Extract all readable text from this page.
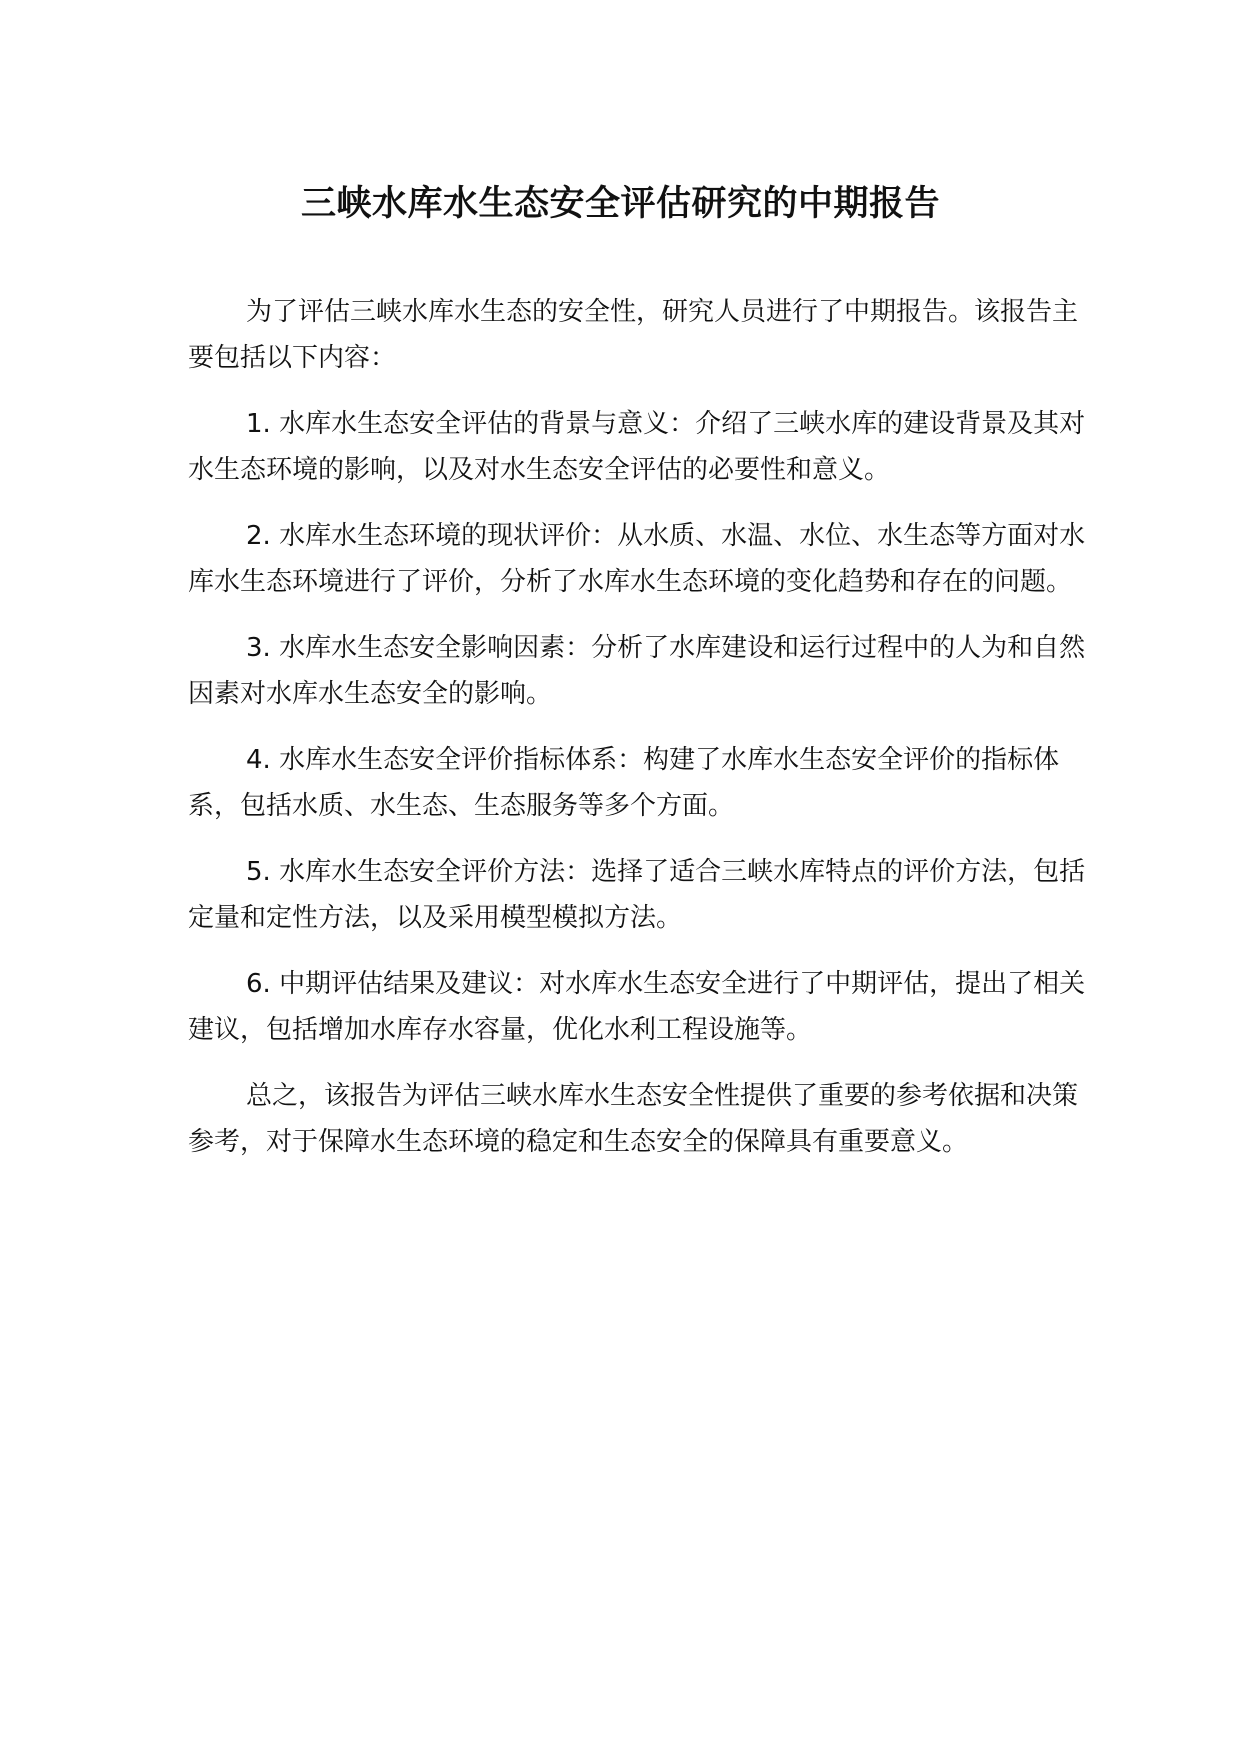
三峡水库水生态安全评估研究的中期报告

为了评估三峡水库水生态的安全性，研究人员进行了中期报告。该报告主要包括以下内容：

1. 水库水生态安全评估的背景与意义：介绍了三峡水库的建设背景及其对水生态环境的影响，以及对水生态安全评估的必要性和意义。

2. 水库水生态环境的现状评价：从水质、水温、水位、水生态等方面对水库水生态环境进行了评价，分析了水库水生态环境的变化趋势和存在的问题。

3. 水库水生态安全影响因素：分析了水库建设和运行过程中的人为和自然因素对水库水生态安全的影响。

4. 水库水生态安全评价指标体系：构建了水库水生态安全评价的指标体系，包括水质、水生态、生态服务等多个方面。

5. 水库水生态安全评价方法：选择了适合三峡水库特点的评价方法，包括定量和定性方法，以及采用模型模拟方法。

6. 中期评估结果及建议：对水库水生态安全进行了中期评估，提出了相关建议，包括增加水库存水容量，优化水利工程设施等。

总之，该报告为评估三峡水库水生态安全性提供了重要的参考依据和决策参考，对于保障水生态环境的稳定和生态安全的保障具有重要意义。
